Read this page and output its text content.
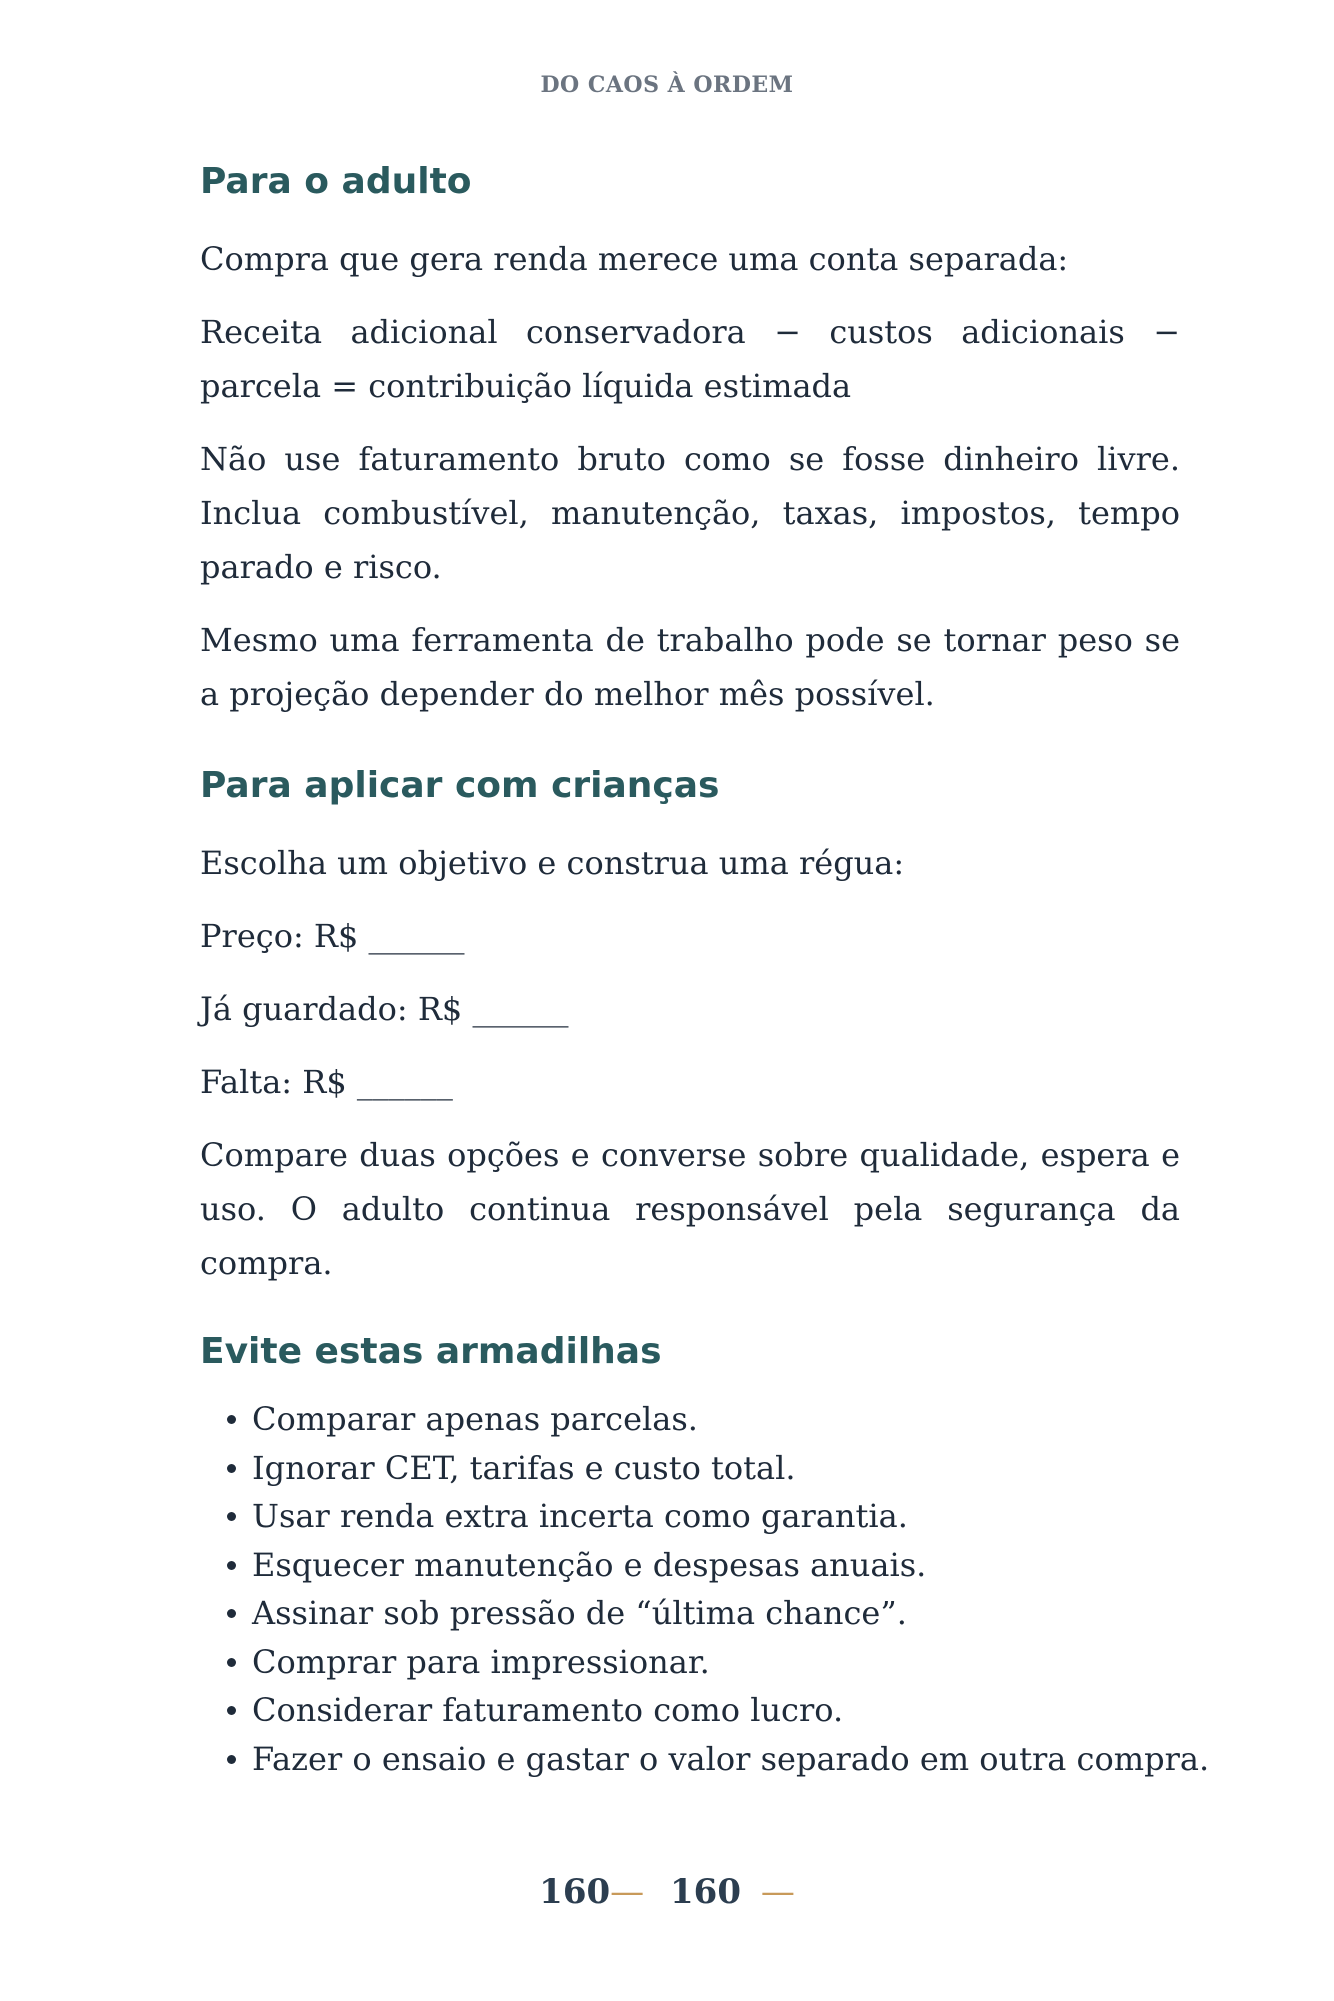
DO CAOS À ORDEM
Para o adulto

Compra que gera renda merece uma conta separada:

Receita adicional conservadora − custos adicionais − parcela = contribuição líquida estimada

Não use faturamento bruto como se fosse dinheiro livre. Inclua combustível, manutenção, taxas, impostos, tempo parado e risco.

Mesmo uma ferramenta de trabalho pode se tornar peso se a projeção depender do melhor mês possível.

Para aplicar com crianças

Escolha um objetivo e construa uma régua:

Preço: R$ ______

Já guardado: R$ ______

Falta: R$ ______

Compare duas opções e converse sobre qualidade, espera e uso. O adulto continua responsável pela segurança da compra.

Evite estas armadilhas
Comparar apenas parcelas.
Ignorar CET, tarifas e custo total.
Usar renda extra incerta como garantia.
Esquecer manutenção e despesas anuais.
Assinar sob pressão de “última chance”.
Comprar para impressionar.
Considerar faturamento como lucro.
Fazer o ensaio e gastar o valor separado em outra compra.
160— 160 —
